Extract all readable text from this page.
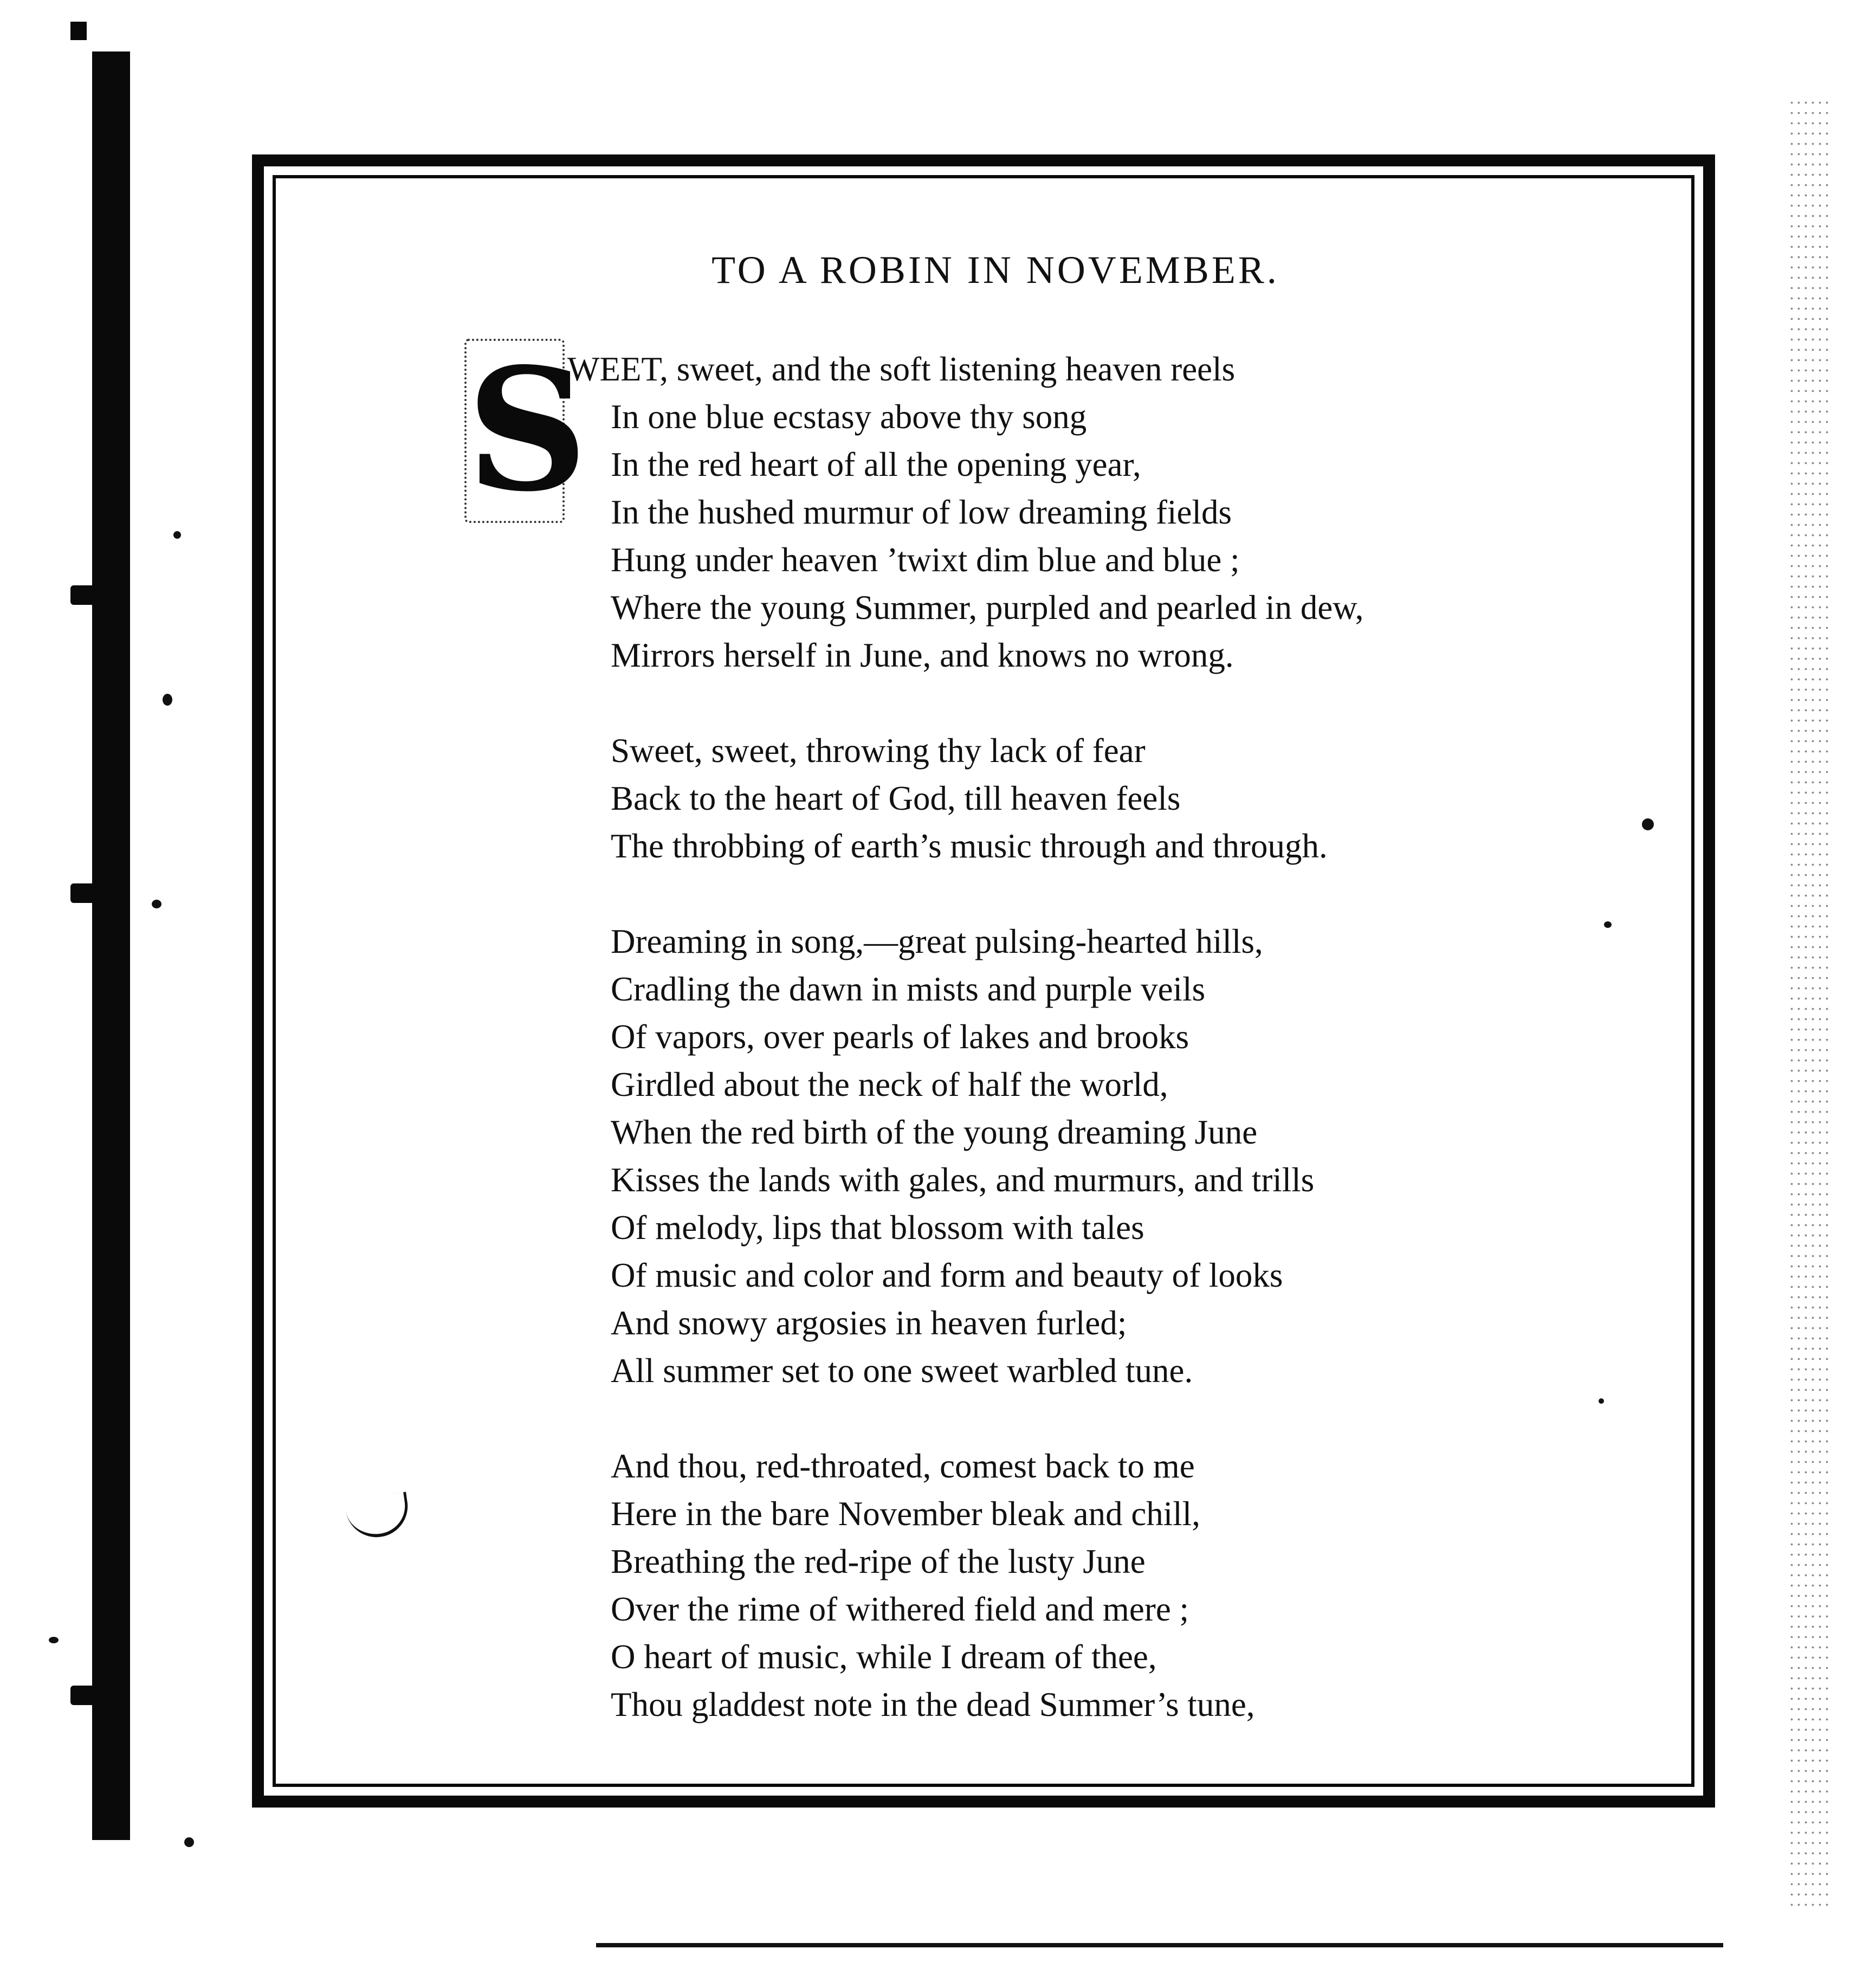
TO A ROBIN IN NOVEMBER.
S
WEET, sweet, and the soft listening heaven reels
In one blue ecstasy above thy song
In the red heart of all the opening year,
In the hushed murmur of low dreaming fields
Hung under heaven ’twixt dim blue and blue ;
Where the young Summer, purpled and pearled in dew,
Mirrors herself in June, and knows no wrong.
Sweet, sweet, throwing thy lack of fear
Back to the heart of God, till heaven feels
The throbbing of earth’s music through and through.
Dreaming in song,—great pulsing-hearted hills,
Cradling the dawn in mists and purple veils
Of vapors, over pearls of lakes and brooks
Girdled about the neck of half the world,
When the red birth of the young dreaming June
Kisses the lands with gales, and murmurs, and trills
Of melody, lips that blossom with tales
Of music and color and form and beauty of looks
And snowy argosies in heaven furled;
All summer set to one sweet warbled tune.
And thou, red-throated, comest back to me
Here in the bare November bleak and chill,
Breathing the red-ripe of the lusty June
Over the rime of withered field and mere ;
O heart of music, while I dream of thee,
Thou gladdest note in the dead Summer’s tune,
